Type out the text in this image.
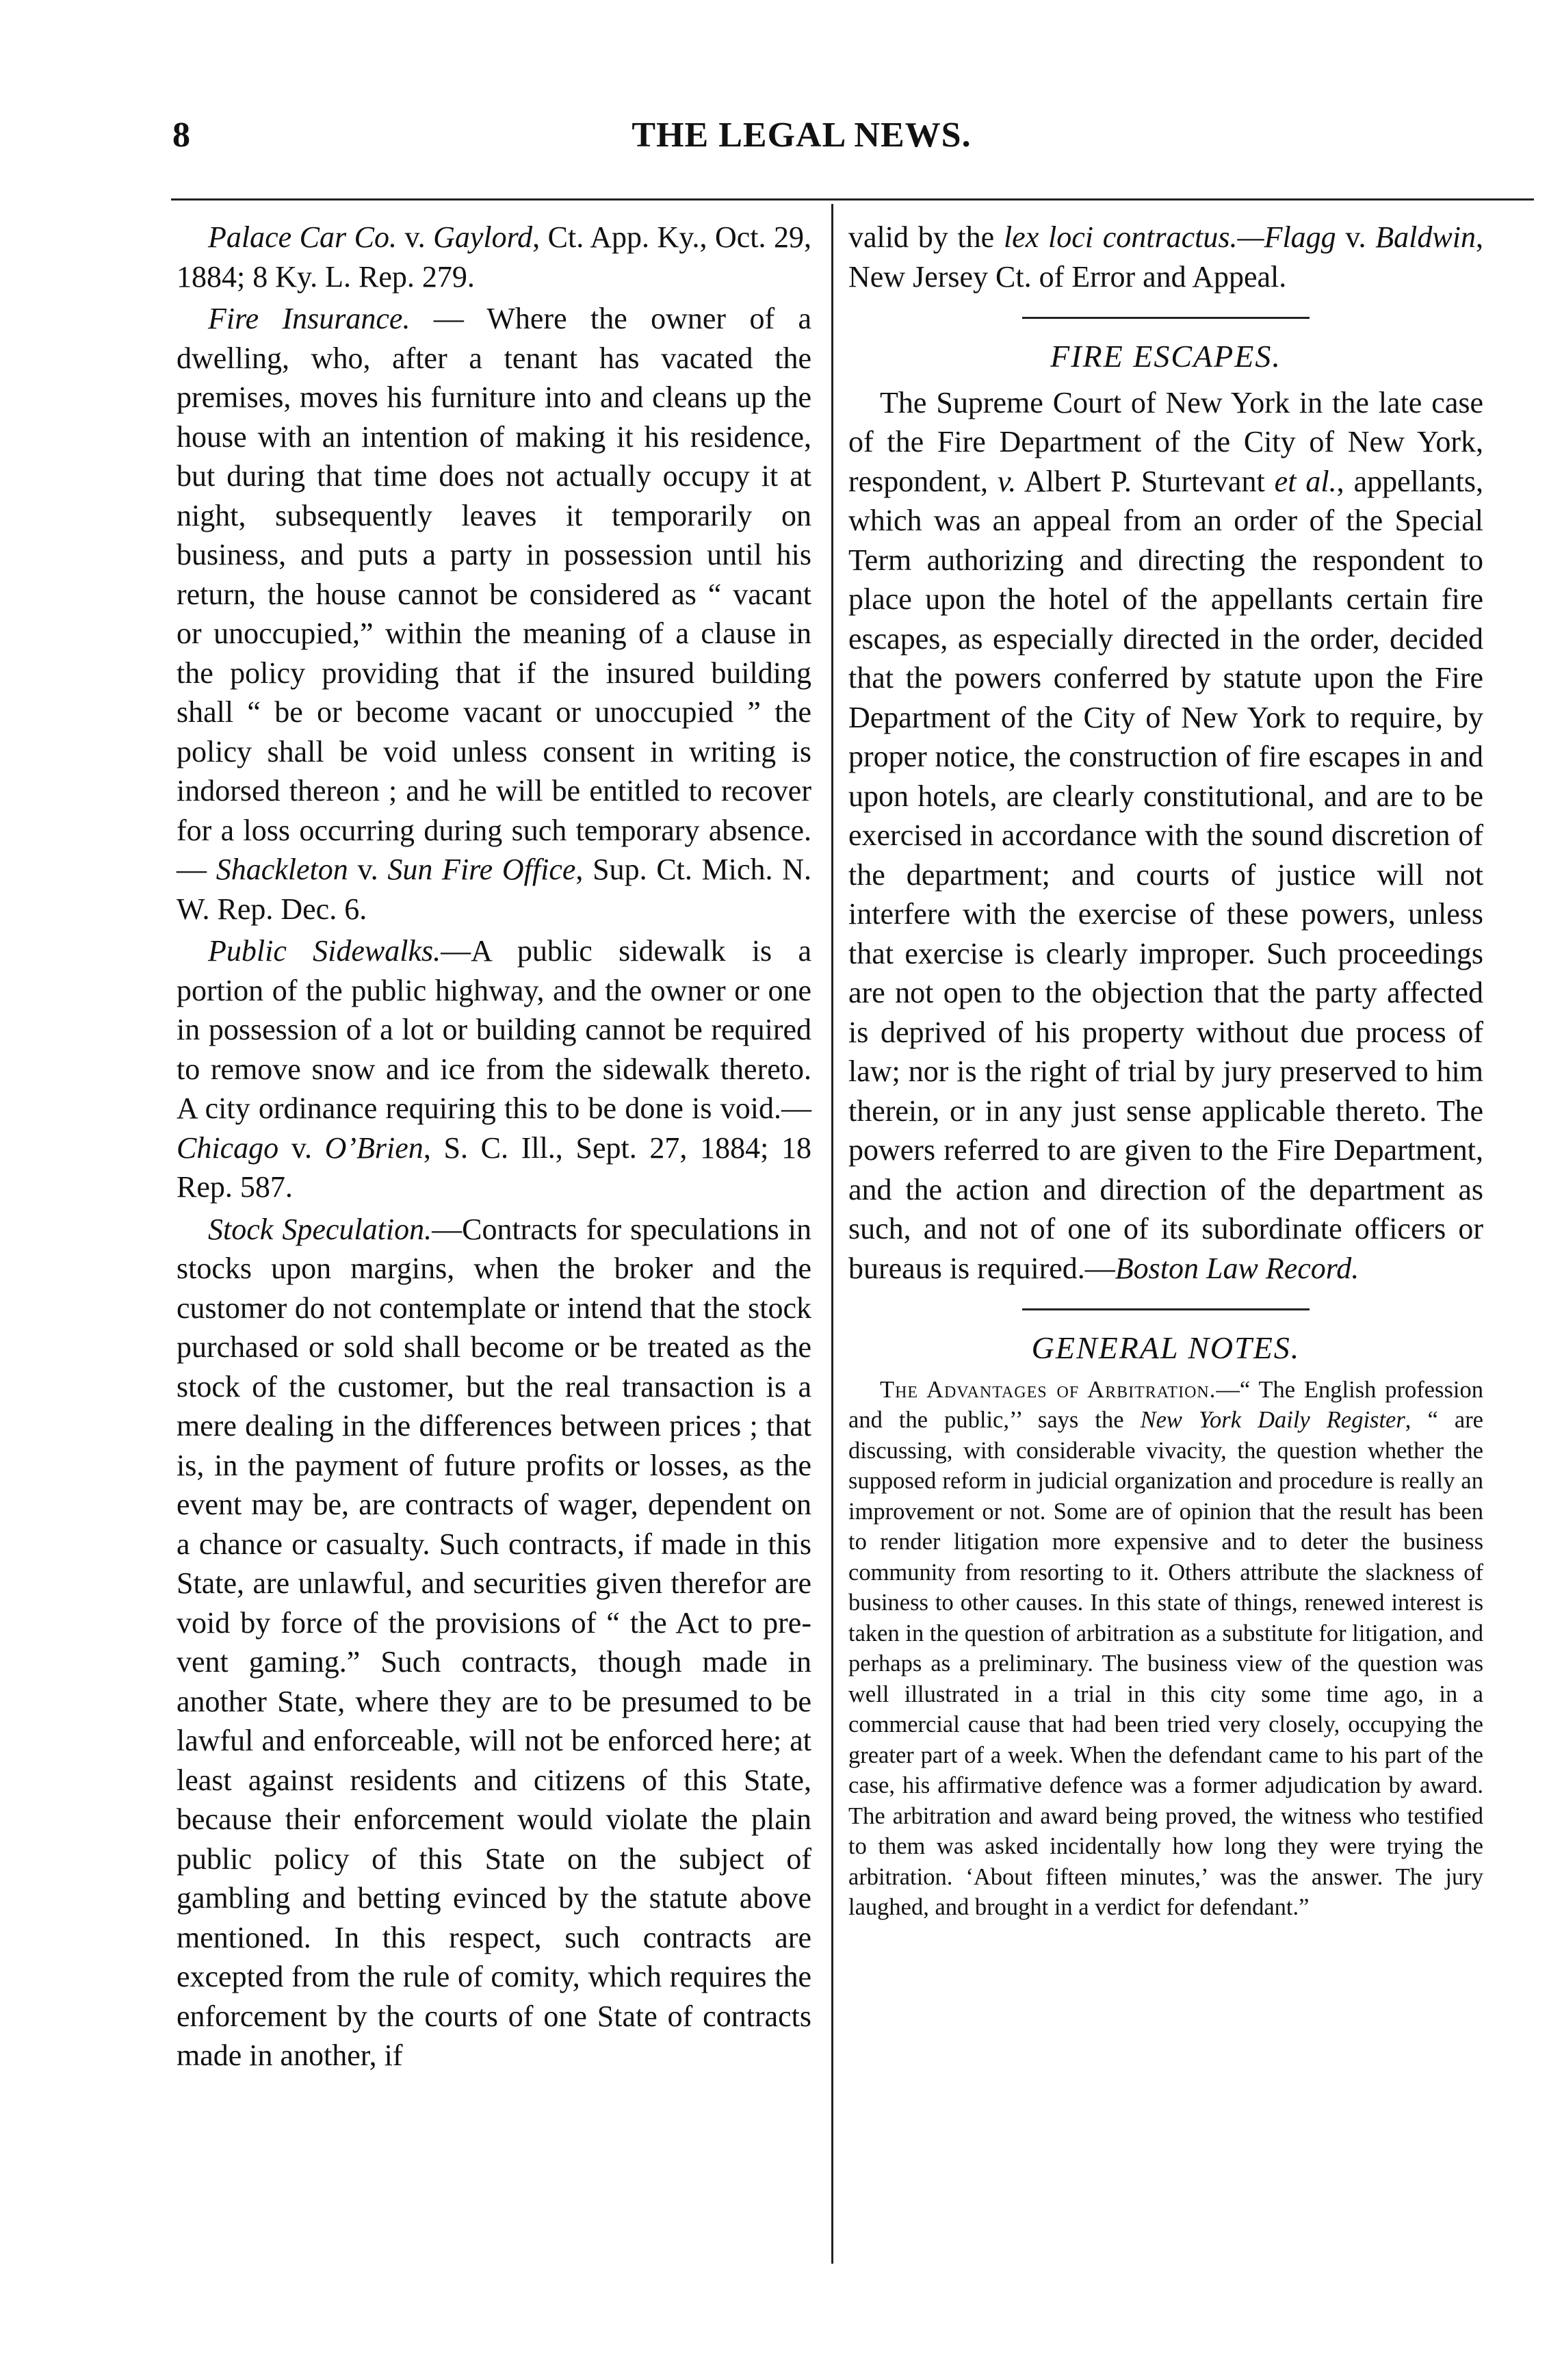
8	THE LEGAL NEWS.

Palace Car Co. v. Gaylord, Ct. App. Ky., Oct. 29, 1884; 8 Ky. L. Rep. 279.

Fire Insurance. — Where the owner of a dwelling, who, after a tenant has vacated the premises, moves his furniture into and cleans up the house with an intention of making it his residence, but during that time does not actually occupy it at night, subsequently leaves it temporarily on business, and puts a party in possession until his return, the house cannot be considered as “ vacant or unoccupied,” within the meaning of a clause in the policy providing that if the insured building shall “ be or become vacant or unoccupied ” the policy shall be void unless consent in writing is indorsed thereon ; and he will be entitled to recover for a loss occurring during such temporary absence. — Shackleton v. Sun Fire Office, Sup. Ct. Mich. N. W. Rep. Dec. 6.

Public Sidewalks.—A public sidewalk is a portion of the public highway, and the owner or one in possession of a lot or building cannot be required to remove snow and ice from the sidewalk thereto. A city ordinance requiring this to be done is void.—Chicago v. O’Brien, S. C. Ill., Sept. 27, 1884; 18 Rep. 587.

Stock Speculation.—Contracts for speculations in stocks upon margins, when the broker and the customer do not contemplate or intend that the stock purchased or sold shall become or be treated as the stock of the customer, but the real transaction is a mere dealing in the differences between prices ; that is, in the payment of future profits or losses, as the event may be, are contracts of wager, dependent on a chance or casualty. Such contracts, if made in this State, are unlawful, and securities given therefor are void by force of the provisions of “ the Act to prevent gaming.” Such contracts, though made in another State, where they are to be presumed to be lawful and enforceable, will not be enforced here; at least against residents and citizens of this State, because their enforcement would violate the plain public policy of this State on the subject of gambling and betting evinced by the statute above mentioned. In this respect, such contracts are excepted from the rule of comity, which requires the enforcement by the courts of one State of contracts made in another, if

valid by the lex loci contractus.—Flagg v. Baldwin, New Jersey Ct. of Error and Appeal.

FIRE ESCAPES.

The Supreme Court of New York in the late case of the Fire Department of the City of New York, respondent, v. Albert P. Sturtevant et al., appellants, which was an appeal from an order of the Special Term authorizing and directing the respondent to place upon the hotel of the appellants certain fire escapes, as especially directed in the order, decided that the powers conferred by statute upon the Fire Department of the City of New York to require, by proper notice, the construction of fire escapes in and upon hotels, are clearly constitutional, and are to be exercised in accordance with the sound discretion of the department; and courts of justice will not interfere with the exercise of these powers, unless that exercise is clearly improper. Such proceedings are not open to the objection that the party affected is deprived of his property without due process of law; nor is the right of trial by jury preserved to him therein, or in any just sense applicable thereto. The powers referred to are given to the Fire Department, and the action and direction of the department as such, and not of one of its subordinate officers or bureaus is required.—Boston Law Record.

GENERAL NOTES.

The Advantages of Arbitration.—“ The English profession and the public,’’ says the New York Daily Register, “ are discussing, with considerable vivacity, the question whether the supposed reform in judicial organization and procedure is really an improvement or not. Some are of opinion that the result has been to render litigation more expensive and to deter the business community from resorting to it. Others attribute the slackness of business to other causes. In this state of things, renewed interest is taken in the question of arbitration as a substitute for litigation, and perhaps as a preliminary. The business view of the question was well illustrated in a trial in this city some time ago, in a commercial cause that had been tried very closely, occupying the greater part of a week. When the defendant came to his part of the case, his affirmative defence was a former adjudication by award. The arbitration and award being proved, the witness who testified to them was asked incidentally how long they were trying the arbitration. ‘About fifteen minutes,’ was the answer. The jury laughed, and brought in a verdict for defendant.”
